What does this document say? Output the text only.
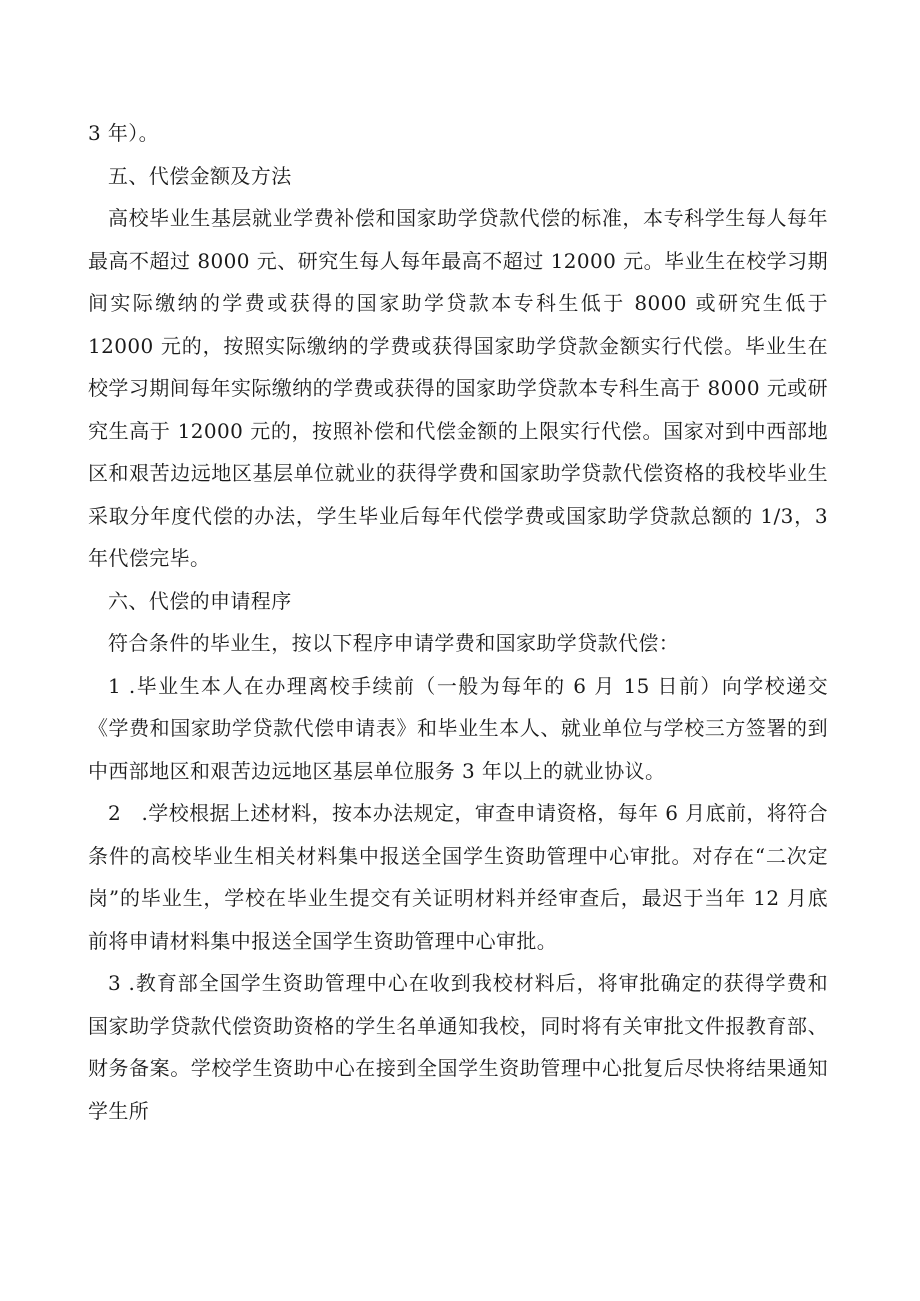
3 年）。

五、代偿金额及方法

高校毕业生基层就业学费补偿和国家助学贷款代偿的标准，本专科学生每人每年最高不超过 8000 元、研究生每人每年最高不超过 12000 元。毕业生在校学习期间实际缴纳的学费或获得的国家助学贷款本专科生低于 8000 或研究生低于 12000 元的，按照实际缴纳的学费或获得国家助学贷款金额实行代偿。毕业生在校学习期间每年实际缴纳的学费或获得的国家助学贷款本专科生高于 8000 元或研究生高于 12000 元的，按照补偿和代偿金额的上限实行代偿。国家对到中西部地区和艰苦边远地区基层单位就业的获得学费和国家助学贷款代偿资格的我校毕业生采取分年度代偿的办法，学生毕业后每年代偿学费或国家助学贷款总额的 1/3，3 年代偿完毕。

六、代偿的申请程序

符合条件的毕业生，按以下程序申请学费和国家助学贷款代偿：

1 .毕业生本人在办理离校手续前（一般为每年的 6 月 15 日前）向学校递交《学费和国家助学贷款代偿申请表》和毕业生本人、就业单位与学校三方签署的到中西部地区和艰苦边远地区基层单位服务 3 年以上的就业协议。

2　.学校根据上述材料，按本办法规定，审查申请资格，每年 6 月底前，将符合条件的高校毕业生相关材料集中报送全国学生资助管理中心审批。对存在“二次定岗”的毕业生，学校在毕业生提交有关证明材料并经审查后，最迟于当年 12 月底前将申请材料集中报送全国学生资助管理中心审批。

3 .教育部全国学生资助管理中心在收到我校材料后，将审批确定的获得学费和国家助学贷款代偿资助资格的学生名单通知我校，同时将有关审批文件报教育部、财务备案。学校学生资助中心在接到全国学生资助管理中心批复后尽快将结果通知学生所
